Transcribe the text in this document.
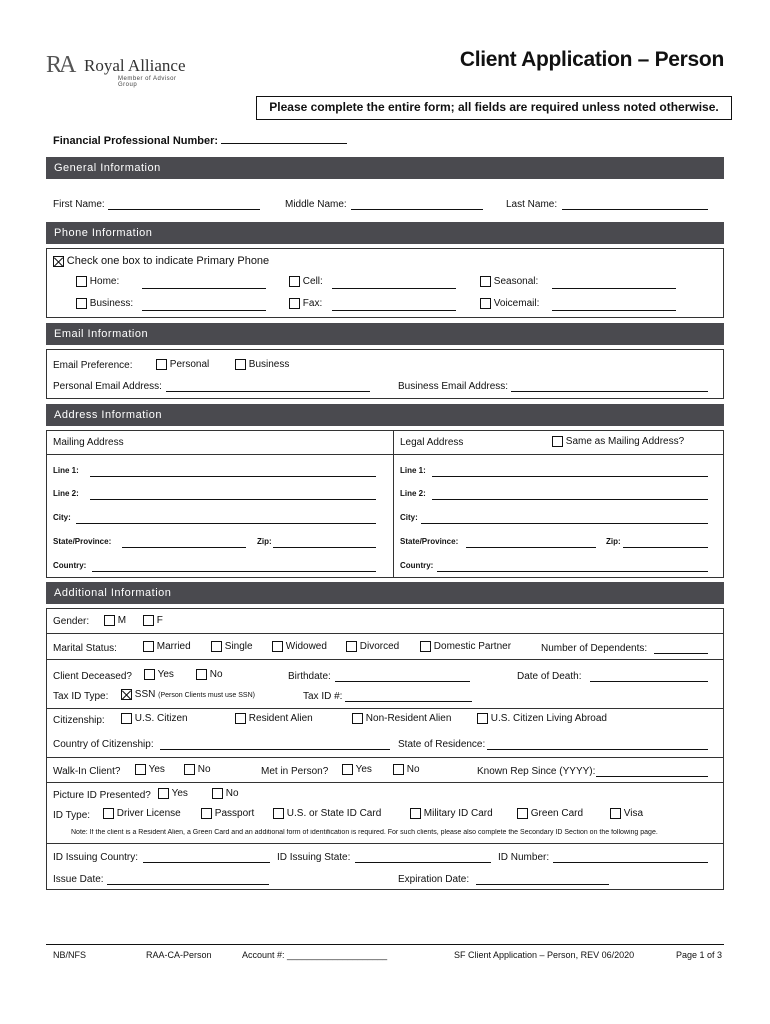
RA Royal Alliance
Member of Advisor Group
Client Application – Person
Please complete the entire form; all fields are required unless noted otherwise.
Financial Professional Number:
General Information
First Name:	Middle Name:	Last Name:
Phone Information
Check one box to indicate Primary Phone
Home:	Cell:	Seasonal:
Business:	Fax:	Voicemail:
Email Information
Email Preference:	Personal	Business
Personal Email Address:	Business Email Address:
Address Information
Mailing Address	Legal Address	Same as Mailing Address?
Line 1:
Line 2:
City:
State/Province:	Zip:
Country:
Line 1:
Line 2:
City:
State/Province:	Zip:
Country:
Additional Information
Gender:	M	F
Marital Status:	Married	Single	Widowed	Divorced	Domestic Partner	Number of Dependents:
Client Deceased?	Yes	No	Birthdate:	Date of Death:
Tax ID Type:	SSN (Person Clients must use SSN)	Tax ID #:
Citizenship:	U.S. Citizen	Resident Alien	Non-Resident Alien	U.S. Citizen Living Abroad
Country of Citizenship:	State of Residence:
Walk-In Client?	Yes	No	Met in Person?	Yes	No	Known Rep Since (YYYY):
Picture ID Presented?	Yes	No
ID Type:	Driver License	Passport	U.S. or State ID Card	Military ID Card	Green Card	Visa
Note: If the client is a Resident Alien, a Green Card and an additional form of identification is required. For such clients, please also complete the Secondary ID Section on the following page.
ID Issuing Country:	ID Issuing State:	ID Number:
Issue Date:	Expiration Date:
NB/NFS	RAA-CA-Person	Account #: ____________________	SF Client Application – Person, REV 06/2020	Page 1 of 3
